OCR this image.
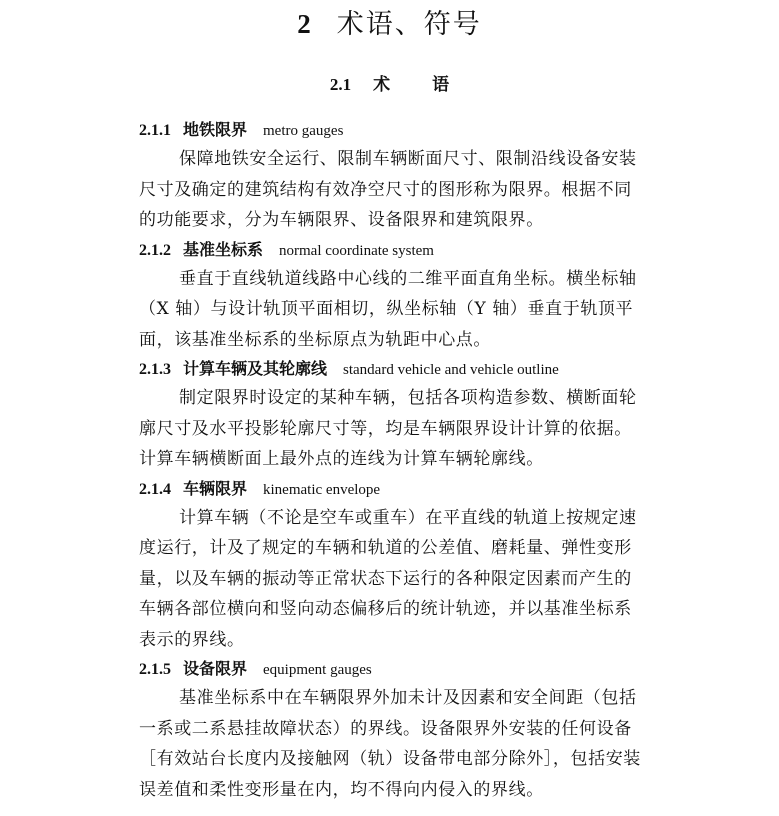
2 术语、符号
2.1 术 语
2.1.1 地铁限界 metro gauges
保障地铁安全运行、限制车辆断面尺寸、限制沿线设备安装
尺寸及确定的建筑结构有效净空尺寸的图形称为限界。根据不同
的功能要求，分为车辆限界、设备限界和建筑限界。
2.1.2 基准坐标系 normal coordinate system
垂直于直线轨道线路中心线的二维平面直角坐标。横坐标轴
（X 轴）与设计轨顶平面相切，纵坐标轴（Y 轴）垂直于轨顶平
面，该基准坐标系的坐标原点为轨距中心点。
2.1.3 计算车辆及其轮廓线 standard vehicle and vehicle outline
制定限界时设定的某种车辆，包括各项构造参数、横断面轮
廓尺寸及水平投影轮廓尺寸等，均是车辆限界设计计算的依据。
计算车辆横断面上最外点的连线为计算车辆轮廓线。
2.1.4 车辆限界 kinematic envelope
计算车辆（不论是空车或重车）在平直线的轨道上按规定速
度运行，计及了规定的车辆和轨道的公差值、磨耗量、弹性变形
量，以及车辆的振动等正常状态下运行的各种限定因素而产生的
车辆各部位横向和竖向动态偏移后的统计轨迹，并以基准坐标系
表示的界线。
2.1.5 设备限界 equipment gauges
基准坐标系中在车辆限界外加未计及因素和安全间距（包括
一系或二系悬挂故障状态）的界线。设备限界外安装的任何设备
［有效站台长度内及接触网（轨）设备带电部分除外］，包括安装
误差值和柔性变形量在内，均不得向内侵入的界线。
